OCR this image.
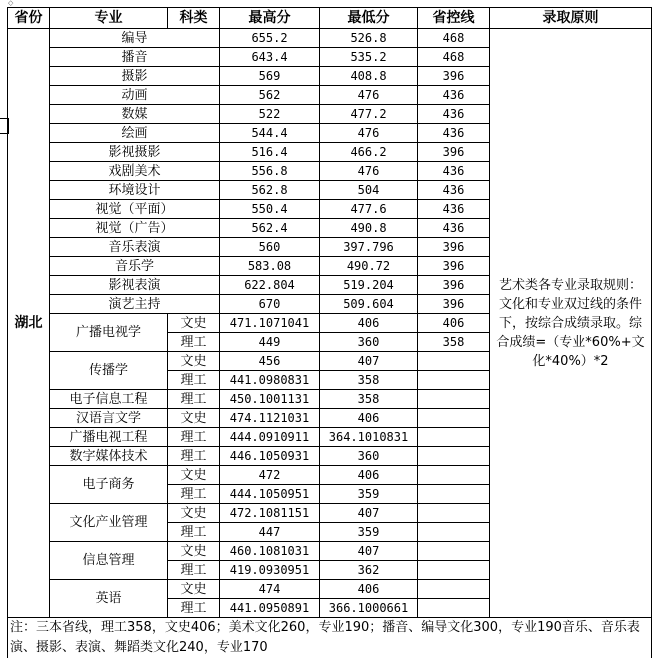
◇
省份	专业	科类	最高分	最低分	省控线	录取原则
湖北	编导		655.2	526.8	468	艺术类各专业录取规则：文化和专业双过线的条件下，按综合成绩录取。综合成绩=（专业*60%+文化*40%）*2
	播音		643.4	535.2	468	
	摄影		569	408.8	396	
	动画		562	476	436	
	数媒		522	477.2	436	
	绘画		544.4	476	436	
	影视摄影		516.4	466.2	396	
	戏剧美术		556.8	476	436	
	环境设计		562.8	504	436	
	视觉（平面）		550.4	477.6	436	
	视觉（广告）		562.4	490.8	436	
	音乐表演		560	397.796	396	
	音乐学		583.08	490.72	396	
	影视表演		622.804	519.204	396	
	演艺主持		670	509.604	396	
	广播电视学	文史	471.1071041	406	406	
		理工	449	360	358	
	传播学	文史	456	407		
		理工	441.0980831	358		
	电子信息工程	理工	450.1001131	358		
	汉语言文学	文史	474.1121031	406		
	广播电视工程	理工	444.0910911	364.1010831		
	数字媒体技术	理工	446.1050931	360		
	电子商务	文史	472	406		
		理工	444.1050951	359		
	文化产业管理	文史	472.1081151	407		
		理工	447	359		
	信息管理	文史	460.1081031	407		
		理工	419.0930951	362		
	英语	文史	474	406		
		理工	441.0950891	366.1000661		
注：三本省线，理工358，文史406；美术文化260，专业190；播音、编导文化300，专业190音乐、音乐表演、摄影、表演、舞蹈类文化240，专业170						
